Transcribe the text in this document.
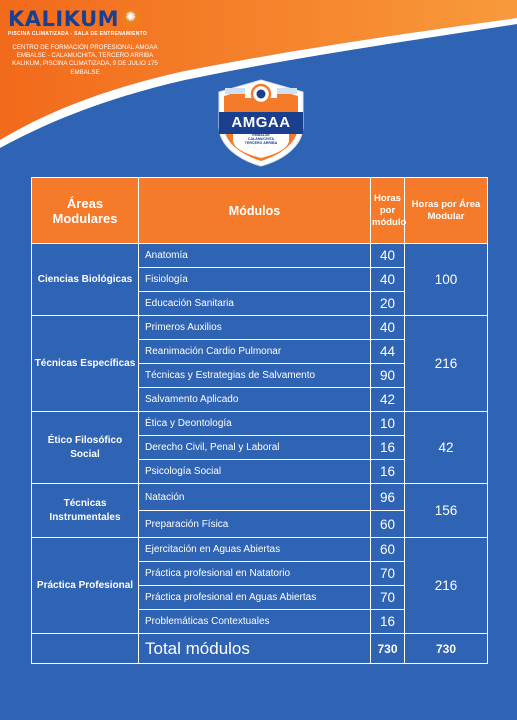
KALIKUM ✺
PISCINA CLIMATIZADA - SALA DE ENTRENAMIENTO
CENTRO DE FORMACIÓN PROFESIONAL AMGAA
EMBALSE - CALAMUCHITA, TERCERO ARRIBA
KALIKUM, PISCINA CLIMATIZADA, 9 DE JULIO 175
EMBALSE
AMGAA
EMBALSE
CALAMUCHITA
TERCERO ARRIBA
Áreas Modulares	Módulos	Horas por módulo	Horas por Área Modular
Ciencias Biológicas	Anatomía	40	100
	Fisiología	40	
	Educación Sanitaria	20	
Técnicas Específicas	Primeros Auxilios	40	216
	Reanimación Cardio Pulmonar	44	
	Técnicas y Estrategias de Salvamento	90	
	Salvamento Aplicado	42	
Ético Filosófico Social	Ética y Deontología	10	42
	Derecho Civil, Penal y Laboral	16	
	Psicología Social	16	
Técnicas Instrumentales	Natación	96	156
	Preparación Física	60	
Práctica Profesional	Ejercitación en Aguas Abiertas	60	216
	Práctica profesional en Natatorio	70	
	Práctica profesional en Aguas Abiertas	70	
	Problemáticas Contextuales	16	
	Total módulos	730	730
